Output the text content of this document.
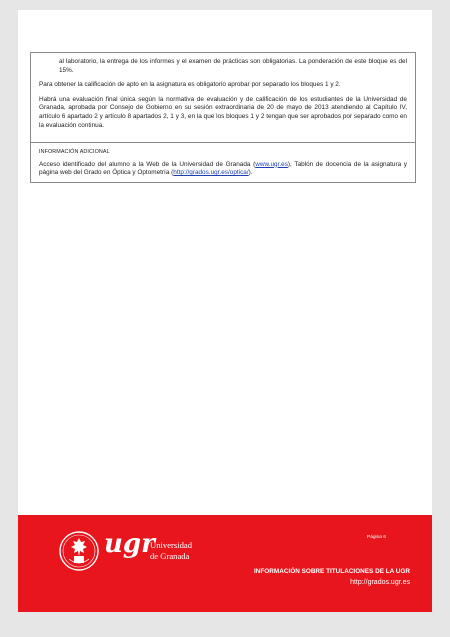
al laboratorio, la entrega de los informes y el examen de prácticas son obligatorias. La ponderación de este bloque es del 15%.

Para obtener la calificación de apto en la asignatura es obligatorio aprobar por separado los bloques 1 y 2.

Habrá una evaluación final única según la normativa de evaluación y de calificación de los estudiantes de la Universidad de Granada, aprobada por Consejo de Gobierno en su sesión extraordinaria de 20 de mayo de 2013 atendiendo al Capítulo IV, artículo 6 apartado 2 y artículo 8 apartados 2, 1 y 3, en la que los bloques 1 y 2 tengan que ser aprobados por separado como en la evaluación continua.

INFORMACIÓN ADICIONAL
Acceso identificado del alumno a la Web de la Universidad de Granada (www.ugr.es), Tablón de docencia de la asignatura y página web del Grado en Óptica y Optometría (http://grados.ugr.es/optica/).
ugr
Universidad
de Granada
Página 6
INFORMACIÓN SOBRE TITULACIONES DE LA UGR
http://grados.ugr.es
